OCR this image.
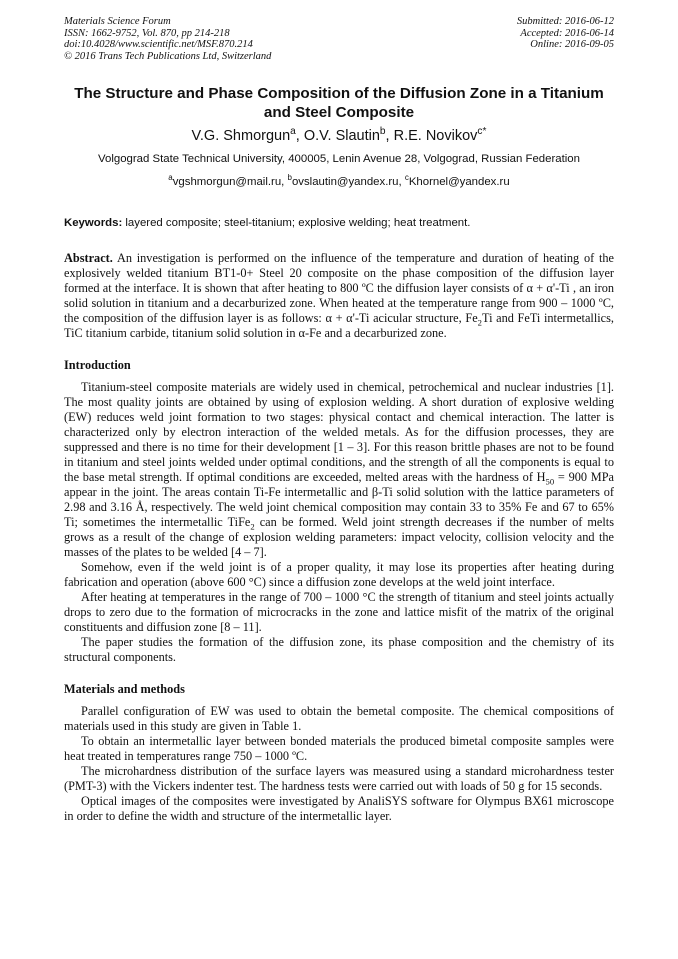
Materials Science Forum
ISSN: 1662-9752, Vol. 870, pp 214-218
doi:10.4028/www.scientific.net/MSF.870.214
© 2016 Trans Tech Publications Ltd, Switzerland
Submitted: 2016-06-12
Accepted: 2016-06-14
Online: 2016-09-05
The Structure and Phase Composition of the Diffusion Zone in a Titanium and Steel Composite
V.G. Shmorgun$^a$, O.V. Slautin$^b$, R.E. Novikov$^{c*}$
Volgograd State Technical University, 400005, Lenin Avenue 28, Volgograd, Russian Federation
$^a$vgshmorgun@mail.ru, $^b$ovslautin@yandex.ru, $^c$Khornel@yandex.ru
Keywords: layered composite; steel-titanium; explosive welding; heat treatment.
Abstract. An investigation is performed on the influence of the temperature and duration of heating of the explosively welded titanium BT1-0+ Steel 20 composite on the phase composition of the diffusion layer formed at the interface. It is shown that after heating to 800 ºC the diffusion layer consists of α + α'-Ti , an iron solid solution in titanium and a decarburized zone. When heated at the temperature range from 900 – 1000 ºC, the composition of the diffusion layer is as follows: α + α'-Ti acicular structure, $Fe_2Ti$ and FeTi intermetallics, TiC titanium carbide, titanium solid solution in α-Fe and a decarburized zone.
Introduction

Titanium-steel composite materials are widely used in chemical, petrochemical and nuclear industries [1]. The most quality joints are obtained by using of explosion welding. A short duration of explosive welding (EW) reduces weld joint formation to two stages: physical contact and chemical interaction. The latter is characterized only by electron interaction of the welded metals. As for the diffusion processes, they are suppressed and there is no time for their development [1 – 3]. For this reason brittle phases are not to be found in titanium and steel joints welded under optimal conditions, and the strength of all the components is equal to the base metal strength. If optimal conditions are exceeded, melted areas with the hardness of $H_{50} = 900$ MPa appear in the joint. The areas contain Ti-Fe intermetallic and β-Ti solid solution with the lattice parameters of 2.98 and 3.16 Å, respectively. The weld joint chemical composition may contain 33 to 35% Fe and 67 to 65% Ti; sometimes the intermetallic TiFe$_2$ can be formed. Weld joint strength decreases if the number of melts grows as a result of the change of explosion welding parameters: impact velocity, collision velocity and the masses of the plates to be welded [4 – 7].

Somehow, even if the weld joint is of a proper quality, it may lose its properties after heating during fabrication and operation (above 600 °C) since a diffusion zone develops at the weld joint interface.

After heating at temperatures in the range of 700 – 1000 °C the strength of titanium and steel joints actually drops to zero due to the formation of microcracks in the zone and lattice misfit of the matrix of the original constituents and diffusion zone [8 – 11].

The paper studies the formation of the diffusion zone, its phase composition and the chemistry of its structural components.

Materials and methods

Parallel configuration of EW was used to obtain the bemetal composite. The chemical compositions of materials used in this study are given in Table 1.

To obtain an intermetallic layer between bonded materials the produced bimetal composite samples were heat treated in temperatures range 750 – 1000 ºC.

The microhardness distribution of the surface layers was measured using a standard microhardness tester (PMT-3) with the Vickers indenter test. The hardness tests were carried out with loads of 50 g for 15 seconds.

Optical images of the composites were investigated by AnaliSYS software for Olympus BX61 microscope in order to define the width and structure of the intermetallic layer.
